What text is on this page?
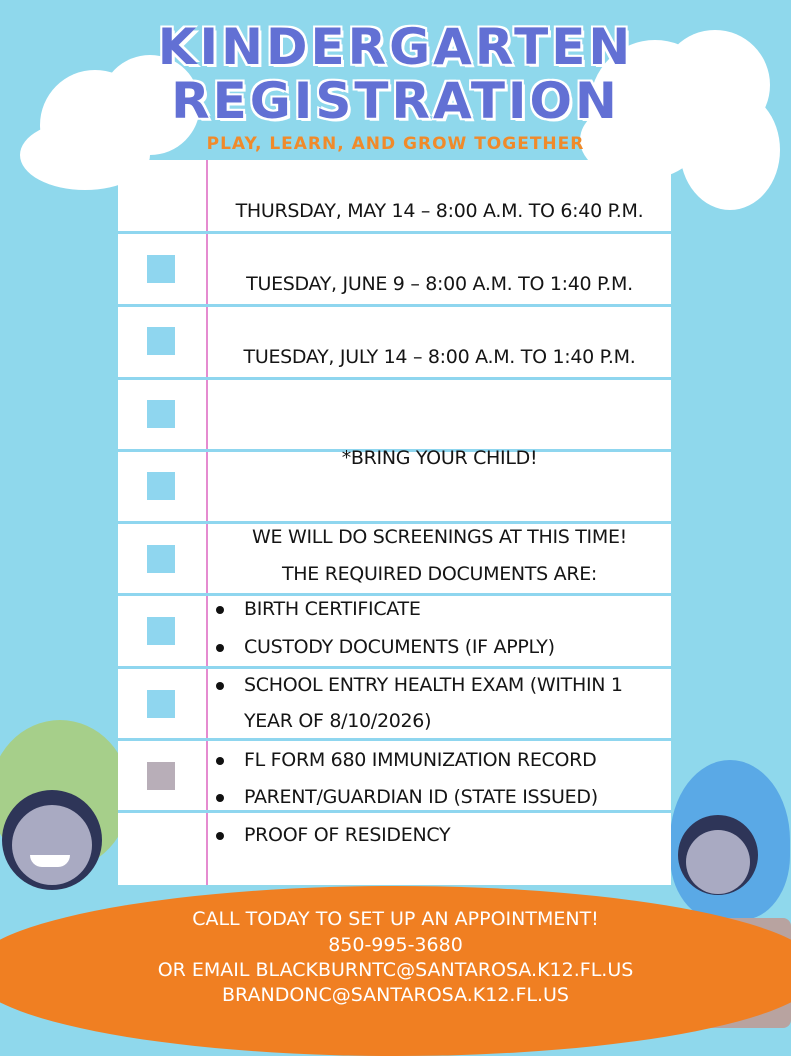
KINDERGARTEN
REGISTRATION
PLAY, LEARN, AND GROW TOGETHER
THURSDAY, MAY 14 – 8:00 A.M. TO 6:40 P.M.
TUESDAY, JUNE 9 – 8:00 A.M. TO 1:40 P.M.
TUESDAY, JULY 14 – 8:00 A.M. TO 1:40 P.M.
*BRING YOUR CHILD!
WE WILL DO SCREENINGS AT THIS TIME!
THE REQUIRED DOCUMENTS ARE:
BIRTH CERTIFICATE
CUSTODY DOCUMENTS (IF APPLY)
SCHOOL ENTRY HEALTH EXAM (WITHIN 1
YEAR OF 8/10/2026)
FL FORM 680 IMMUNIZATION RECORD
PARENT/GUARDIAN ID (STATE ISSUED)
PROOF OF RESIDENCY
CALL TODAY TO SET UP AN APPOINTMENT!
850-995-3680
OR EMAIL BLACKBURNTC@SANTAROSA.K12.FL.US
BRANDONC@SANTAROSA.K12.FL.US
